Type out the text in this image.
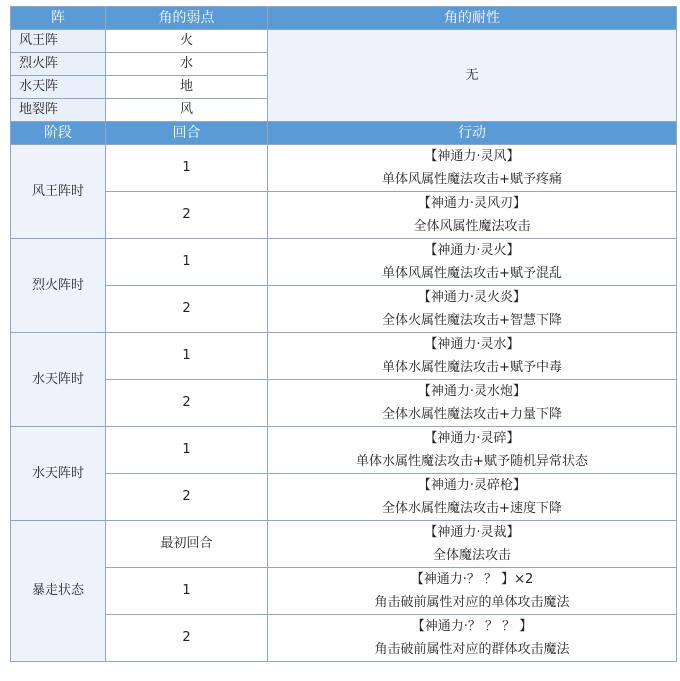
阵	角的弱点	角的耐性
风王阵	火	无
烈火阵	水	
水天阵	地	
地裂阵	风	
阶段	回合	行动
风王阵时	1	【神通力·灵风】
单体风属性魔法攻击+赋予疼痛

	2	【神通力·灵风刃】
全体风属性魔法攻击

烈火阵时	1	【神通力·灵火】
单体风属性魔法攻击+赋予混乱

	2	【神通力·灵火炎】
全体火属性魔法攻击+智慧下降

水天阵时	1	【神通力·灵水】
单体水属性魔法攻击+赋予中毒

	2	【神通力·灵水炮】
全体水属性魔法攻击+力量下降

水天阵时	1	【神通力·灵碎】
单体水属性魔法攻击+赋予随机异常状态

	2	【神通力·灵碎枪】
全体水属性魔法攻击+速度下降

暴走状态	最初回合	【神通力·灵裁】
全体魔法攻击

	1	【神通力·？ ？ 】×2
角击破前属性对应的单体攻击魔法

	2	【神通力·？ ？ ？ 】
角击破前属性对应的群体攻击魔法
